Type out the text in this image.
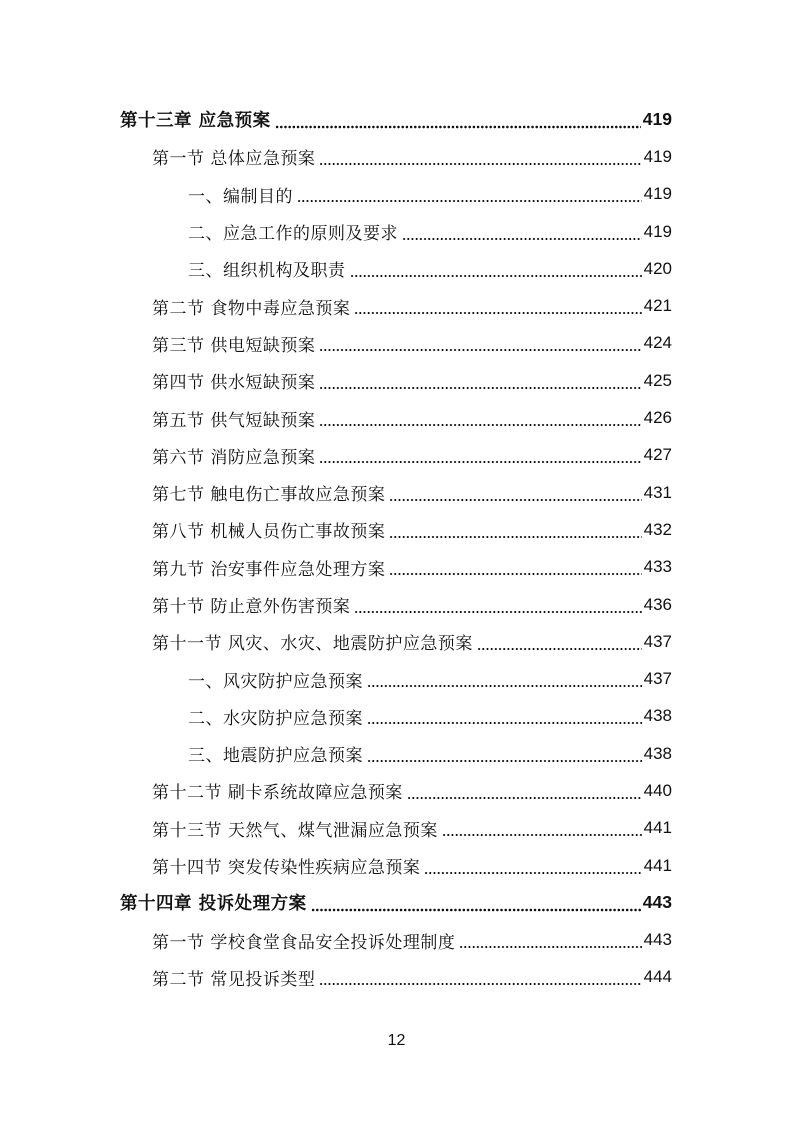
第十三章 应急预案	419
第一节 总体应急预案	419
一、编制目的	419
二、应急工作的原则及要求	419
三、组织机构及职责	420
第二节 食物中毒应急预案	421
第三节 供电短缺预案	424
第四节 供水短缺预案	425
第五节 供气短缺预案	426
第六节 消防应急预案	427
第七节 触电伤亡事故应急预案	431
第八节 机械人员伤亡事故预案	432
第九节 治安事件应急处理方案	433
第十节 防止意外伤害预案	436
第十一节 风灾、水灾、地震防护应急预案	437
一、风灾防护应急预案	437
二、水灾防护应急预案	438
三、地震防护应急预案	438
第十二节 刷卡系统故障应急预案	440
第十三节 天然气、煤气泄漏应急预案	441
第十四节 突发传染性疾病应急预案	441
第十四章 投诉处理方案	443
第一节 学校食堂食品安全投诉处理制度	443
第二节 常见投诉类型	444
12
